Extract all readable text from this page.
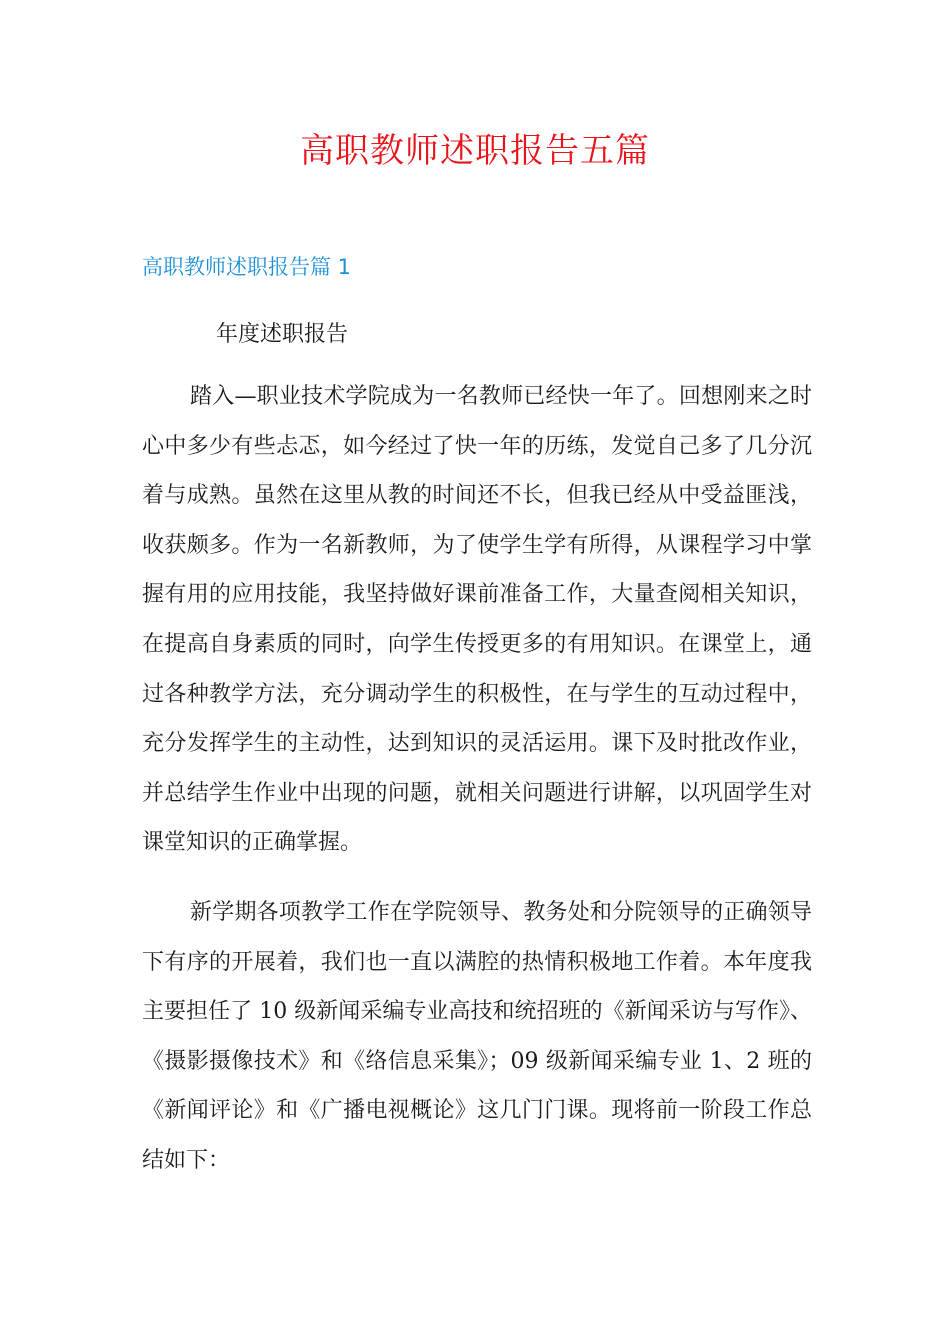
高职教师述职报告五篇
高职教师述职报告篇 1

年度述职报告

踏入—职业技术学院成为一名教师已经快一年了。回想刚来之时心中多少有些忐忑，如今经过了快一年的历练，发觉自己多了几分沉着与成熟。虽然在这里从教的时间还不长，但我已经从中受益匪浅，收获颇多。作为一名新教师，为了使学生学有所得，从课程学习中掌握有用的应用技能，我坚持做好课前准备工作，大量查阅相关知识，在提高自身素质的同时，向学生传授更多的有用知识。在课堂上，通过各种教学方法，充分调动学生的积极性，在与学生的互动过程中，充分发挥学生的主动性，达到知识的灵活运用。课下及时批改作业，并总结学生作业中出现的问题，就相关问题进行讲解，以巩固学生对课堂知识的正确掌握。

新学期各项教学工作在学院领导、教务处和分院领导的正确领导下有序的开展着，我们也一直以满腔的热情积极地工作着。本年度我主要担任了 10 级新闻采编专业高技和统招班的《新闻采访与写作》、《摄影摄像技术》和《络信息采集》；09 级新闻采编专业 1、2 班的《新闻评论》和《广播电视概论》这几门门课。现将前一阶段工作总结如下：
